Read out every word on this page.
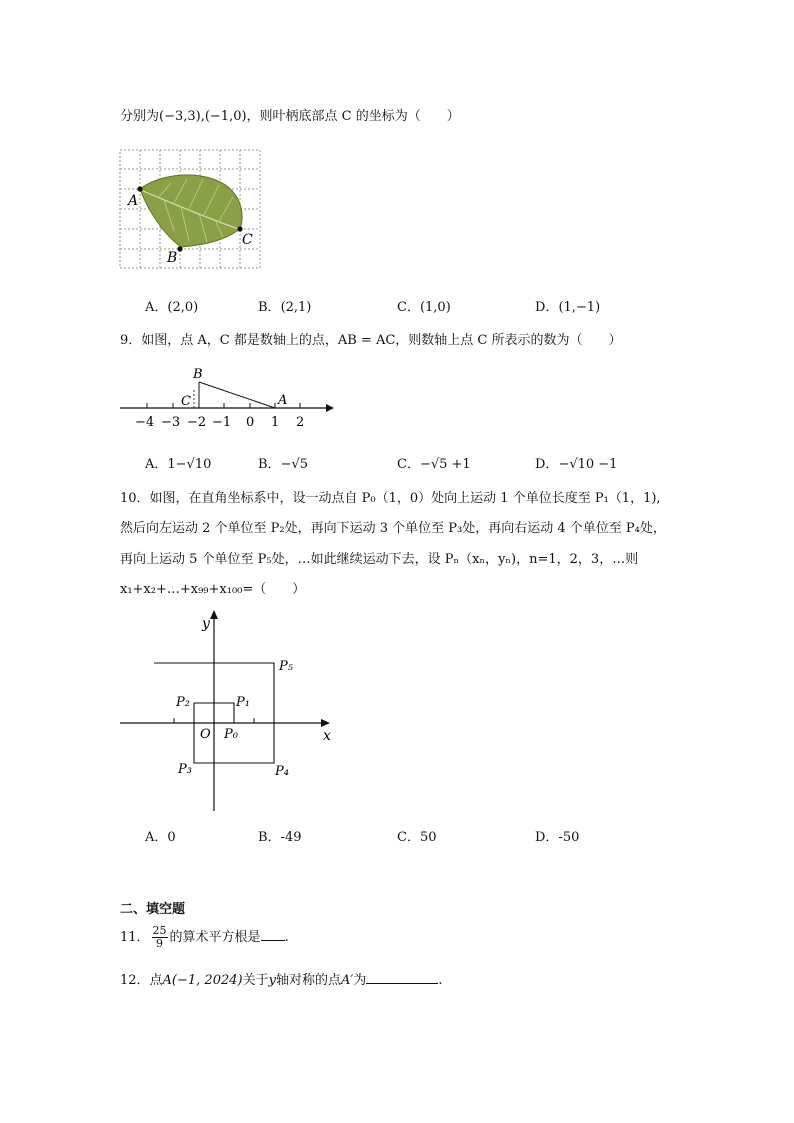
分别为(−3,3),(−1,0)，则叶柄底部点 C 的坐标为（　　）
A
B
C
A．(2,0)	B．(2,1)	C．(1,0)	D．(1,−1)
9．如图，点 A，C 都是数轴上的点，AB = AC，则数轴上点 C 所表示的数为（　　）
B
C	A
−4 −3 −2 −1 0 1 2
A．1−√10	B．−√5	C．−√5 +1	D．−√10 −1
10．如图，在直角坐标系中，设一动点自 P₀（1，0）处向上运动 1 个单位长度至 P₁（1，1),
然后向左运动 2 个单位至 P₂处，再向下运动 3 个单位至 P₃处，再向右运动 4 个单位至 P₄处，
再向上运动 5 个单位至 P₅处，…如此继续运动下去，设 Pₙ（xₙ，yₙ)，n=1，2，3，…则
x₁+x₂+…+x₉₉+x₁₀₀=（　　）
y
x
O P₀
P₁
P₂
P₃	P₄
P₅
A．0	B．-49	C．50	D．-50
二、填空题
11． $\frac{25}{9}$ 的算术平方根是 .
12．点A(−1, 2024)关于y轴对称的点A′为	.
